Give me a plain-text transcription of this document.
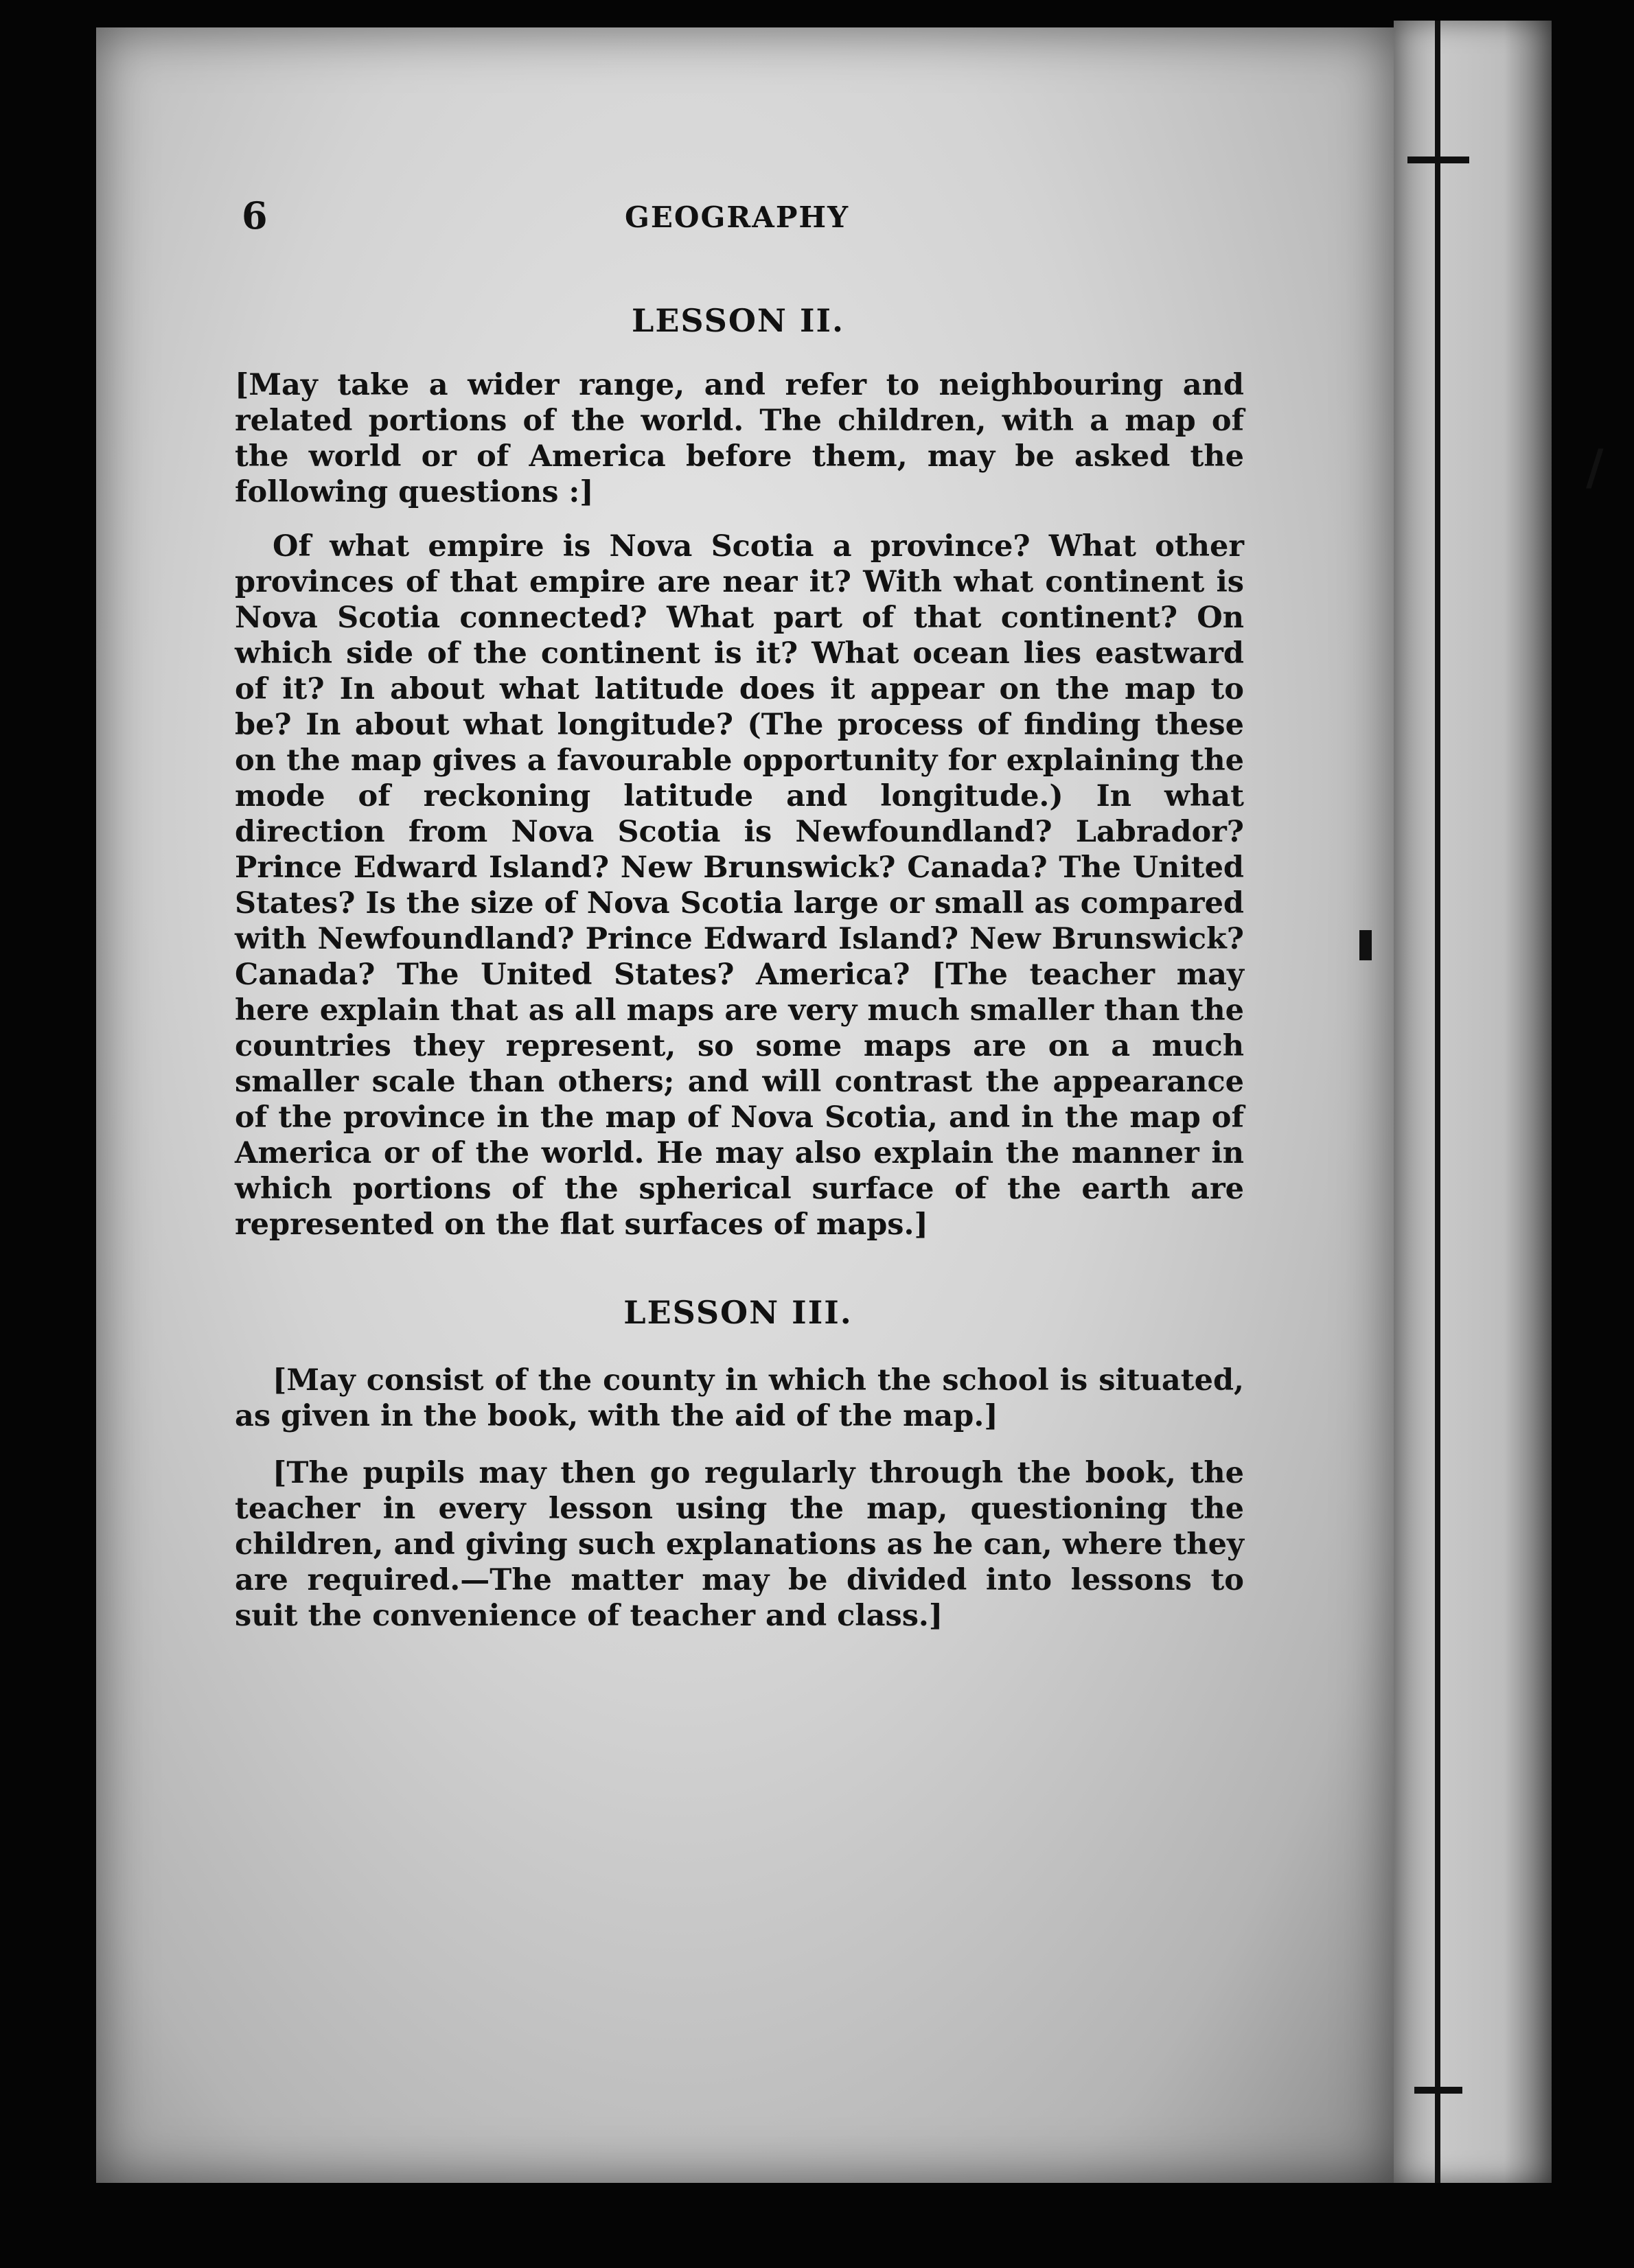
/
6	GEOGRAPHY
LESSON II.

[May take a wider range, and refer to neighbouring and related portions of the world. The children, with a map of the world or of America before them, may be asked the following questions :]

Of what empire is Nova Scotia a province? What other provinces of that empire are near it? With what continent is Nova Scotia connected? What part of that continent? On which side of the continent is it? What ocean lies eastward of it? In about what latitude does it appear on the map to be? In about what longitude? (The process of finding these on the map gives a favourable opportunity for explaining the mode of reckoning latitude and longitude.) In what direction from Nova Scotia is Newfoundland? Labrador? Prince Edward Island? New Brunswick? Canada? The United States? Is the size of Nova Scotia large or small as compared with Newfoundland? Prince Edward Island? New Brunswick? Canada? The United States? America? [The teacher may here explain that as all maps are very much smaller than the countries they represent, so some maps are on a much smaller scale than others; and will contrast the appearance of the province in the map of Nova Scotia, and in the map of America or of the world. He may also explain the manner in which portions of the spherical surface of the earth are represented on the flat surfaces of maps.]

LESSON III.

[May consist of the county in which the school is situated, as given in the book, with the aid of the map.]

[The pupils may then go regularly through the book, the teacher in every lesson using the map, questioning the children, and giving such explanations as he can, where they are required.—The matter may be divided into lessons to suit the convenience of teacher and class.]
